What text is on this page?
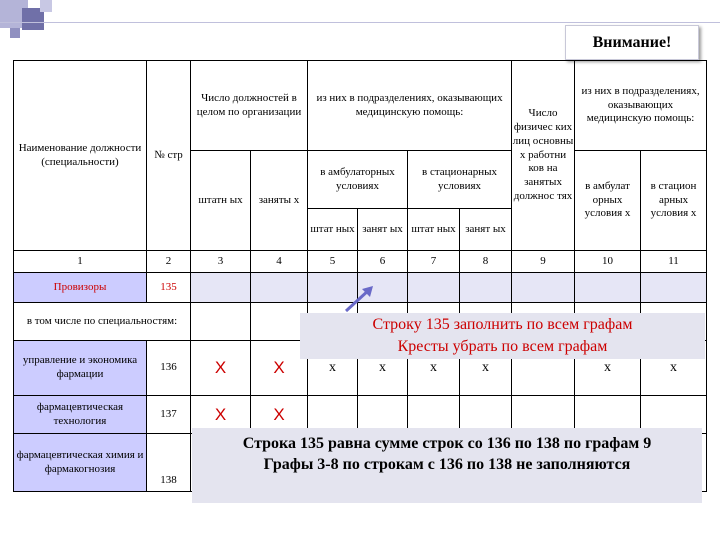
Внимание!
Наименование должности (специальности)	№ стр	Число должностей в целом по организации		из них в подразделениях, оказывающих медицинскую помощь:				Число физичес ких лиц основны х работни ков на занятых должнос тях	из них в подразделениях, оказывающих медицинскую помощь:	
		штатн ых	заняты х	в амбулаторных условиях		в стационарных условиях			в амбулат орных условия х	в стацион арных условия х
				штат ных	занят ых	штат ных	занят ых			
1	2	3	4	5	6	7	8	9	10	11
Провизоры	135									
в том числе по специальностям:										
управление и экономика фармации	136	Х	Х	х	х	х	х		х	х
фармацевтическая технология	137	Х	Х							
фармацевтическая химия и фармакогнозия	138									
Строку 135 заполнить по всем графам
Кресты убрать по всем графам
Строка 135 равна сумме строк со 136 по 138 по графам 9
Графы 3-8 по строкам с 136 по 138 не заполняются
